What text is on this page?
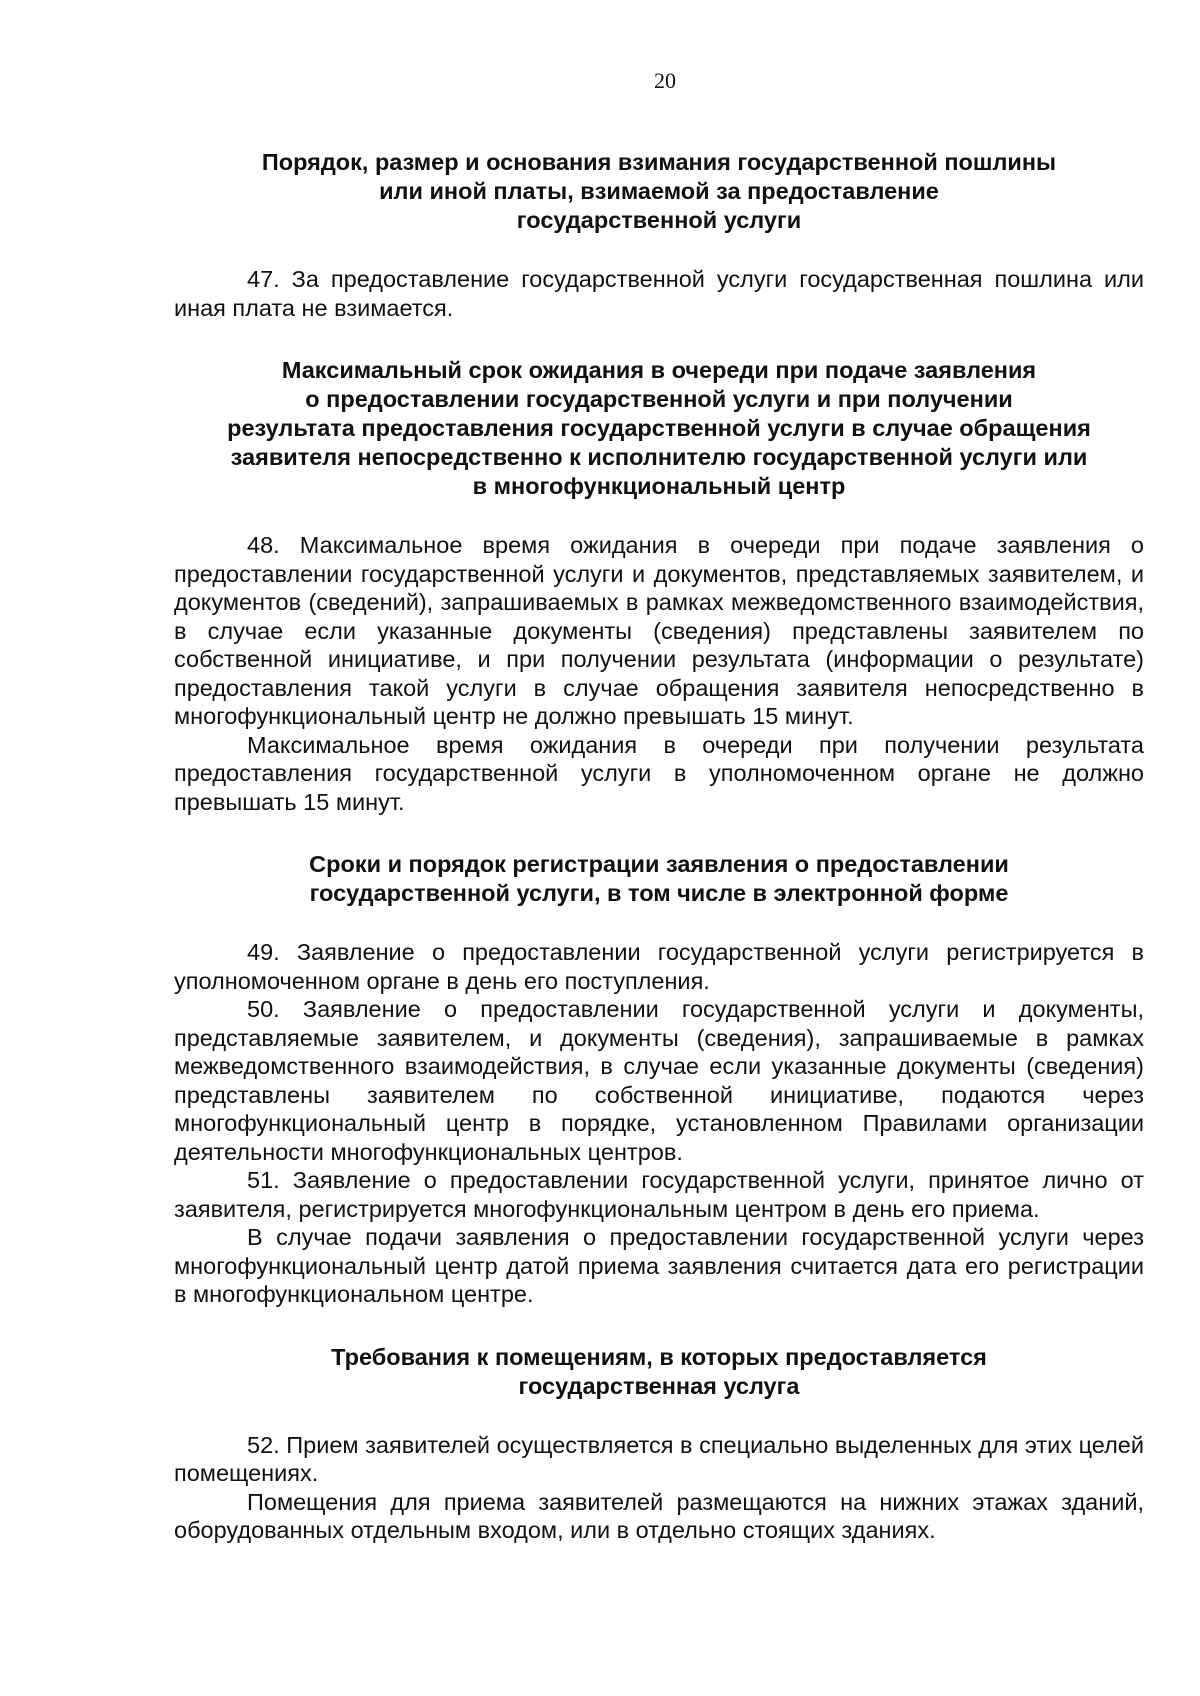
20
Порядок, размер и основания взимания государственной пошлины
или иной платы, взимаемой за предоставление
государственной услуги

47. За предоставление государственной услуги государственная пошлина или иная плата не взимается.

Максимальный срок ожидания в очереди при подаче заявления
о предоставлении государственной услуги и при получении
результата предоставления государственной услуги в случае обращения
заявителя непосредственно к исполнителю государственной услуги или
в многофункциональный центр

48. Максимальное время ожидания в очереди при подаче заявления о предоставлении государственной услуги и документов, представляемых заявителем, и документов (сведений), запрашиваемых в рамках межведомственного взаимодействия, в случае если указанные документы (сведения) представлены заявителем по собственной инициативе, и при получении результата (информации о результате) предоставления такой услуги в случае обращения заявителя непосредственно в многофункциональный центр не должно превышать 15 минут.

Максимальное время ожидания в очереди при получении результата предоставления государственной услуги в уполномоченном органе не должно превышать 15 минут.

Сроки и порядок регистрации заявления о предоставлении
государственной услуги, в том числе в электронной форме

49. Заявление о предоставлении государственной услуги регистрируется в уполномоченном органе в день его поступления.

50. Заявление о предоставлении государственной услуги и документы, представляемые заявителем, и документы (сведения), запрашиваемые в рамках межведомственного взаимодействия, в случае если указанные документы (сведения) представлены заявителем по собственной инициативе, подаются через многофункциональный центр в порядке, установленном Правилами организации деятельности многофункциональных центров.

51. Заявление о предоставлении государственной услуги, принятое лично от заявителя, регистрируется многофункциональным центром в день его приема.

В случае подачи заявления о предоставлении государственной услуги через многофункциональный центр датой приема заявления считается дата его регистрации в многофункциональном центре.

Требования к помещениям, в которых предоставляется
государственная услуга

52. Прием заявителей осуществляется в специально выделенных для этих целей помещениях.

Помещения для приема заявителей размещаются на нижних этажах зданий, оборудованных отдельным входом, или в отдельно стоящих зданиях.
